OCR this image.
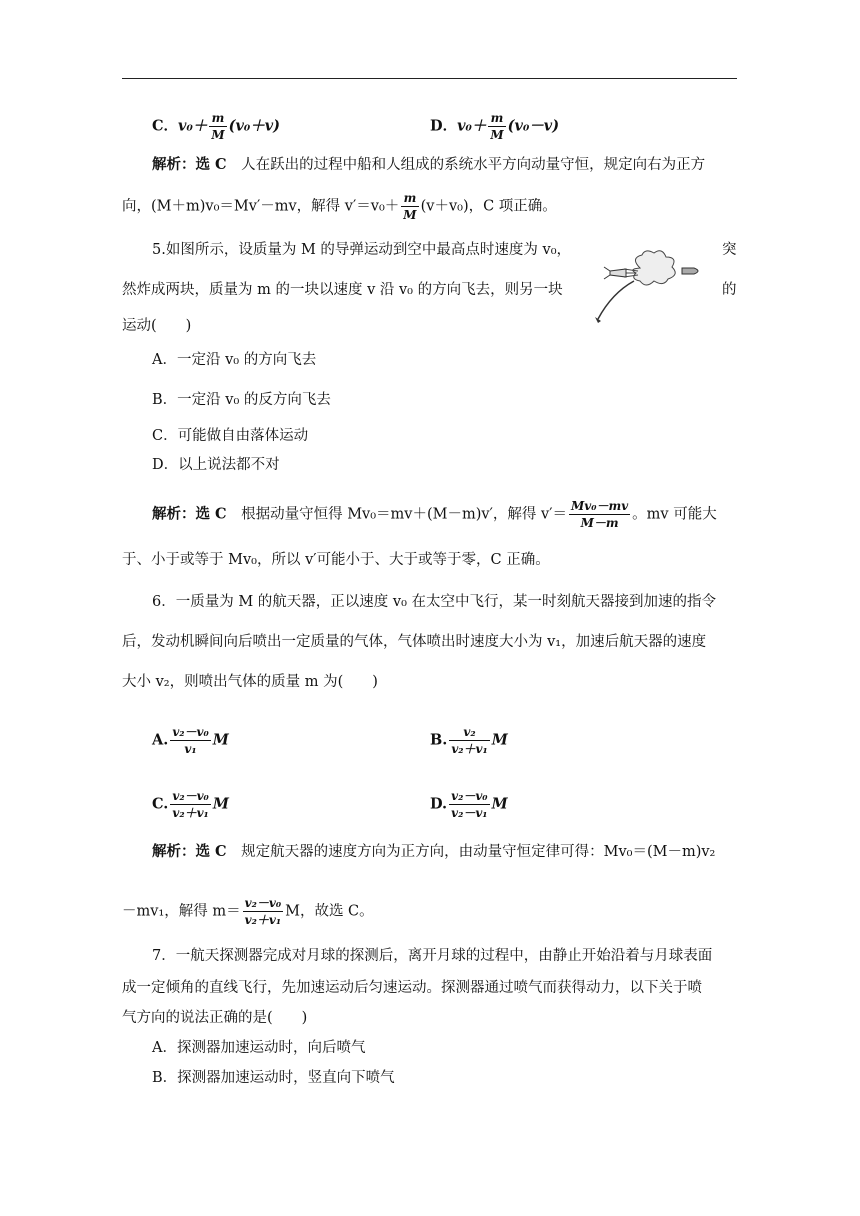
C．$v_0+ \frac{m}{M} (v_0+v)$	D．$v_0+ \frac{m}{M} (v_0-v)$
解析：选 C　 人在跃出的过程中船和人组成的系统水平方向动量守恒，规定向右为正方
向，(M＋m)v₀＝Mv′－mv，解得 $v'=v_0+ \frac{m}{M} (v+v_0)$，C 项正确。
5.如图所示，设质量为 M 的导弹运动到空中最高点时速度为 v₀，	突
然炸成两块，质量为 m 的一块以速度 v 沿 v₀ 的方向飞去，则另一块	的
运动(　　)
A．一定沿 v₀ 的方向飞去
B．一定沿 v₀ 的反方向飞去
C．可能做自由落体运动
D．以上说法都不对
解析：选 C　 根据动量守恒得 Mv₀＝mv＋(M－m)v′，解得 $v'= \frac{\text{Mv₀－mv}}{M-m}$ 。mv 可能大
于、小于或等于 Mv₀，所以 v′可能小于、大于或等于零，C 正确。
6．一质量为 M 的航天器，正以速度 v₀ 在太空中飞行，某一时刻航天器接到加速的指令
后，发动机瞬间向后喷出一定质量的气体，气体喷出时速度大小为 v₁，加速后航天器的速度
大小 v₂，则喷出气体的质量 m 为(　　)
A. $\frac{\text{v₂－v₀}}{\text{v₁}}$ M	B. $\frac{\text{v₂}}{\text{v₂＋v₁}}$ M
C. $\frac{\text{v₂－v₀}}{\text{v₂＋v₁}}$ M	D. $\frac{\text{v₂－v₀}}{\text{v₂－v₁}}$ M
解析：选 C　 规定航天器的速度方向为正方向，由动量守恒定律可得：Mv₀＝(M－m)v₂
－mv₁，解得 $m= \frac{\text{v₂－v₀}}{\text{v₂＋v₁}}$ M，故选 C。
7．一航天探测器完成对月球的探测后，离开月球的过程中，由静止开始沿着与月球表面
成一定倾角的直线飞行，先加速运动后匀速运动。探测器通过喷气而获得动力，以下关于喷
气方向的说法正确的是(　　)
A．探测器加速运动时，向后喷气
B．探测器加速运动时，竖直向下喷气
